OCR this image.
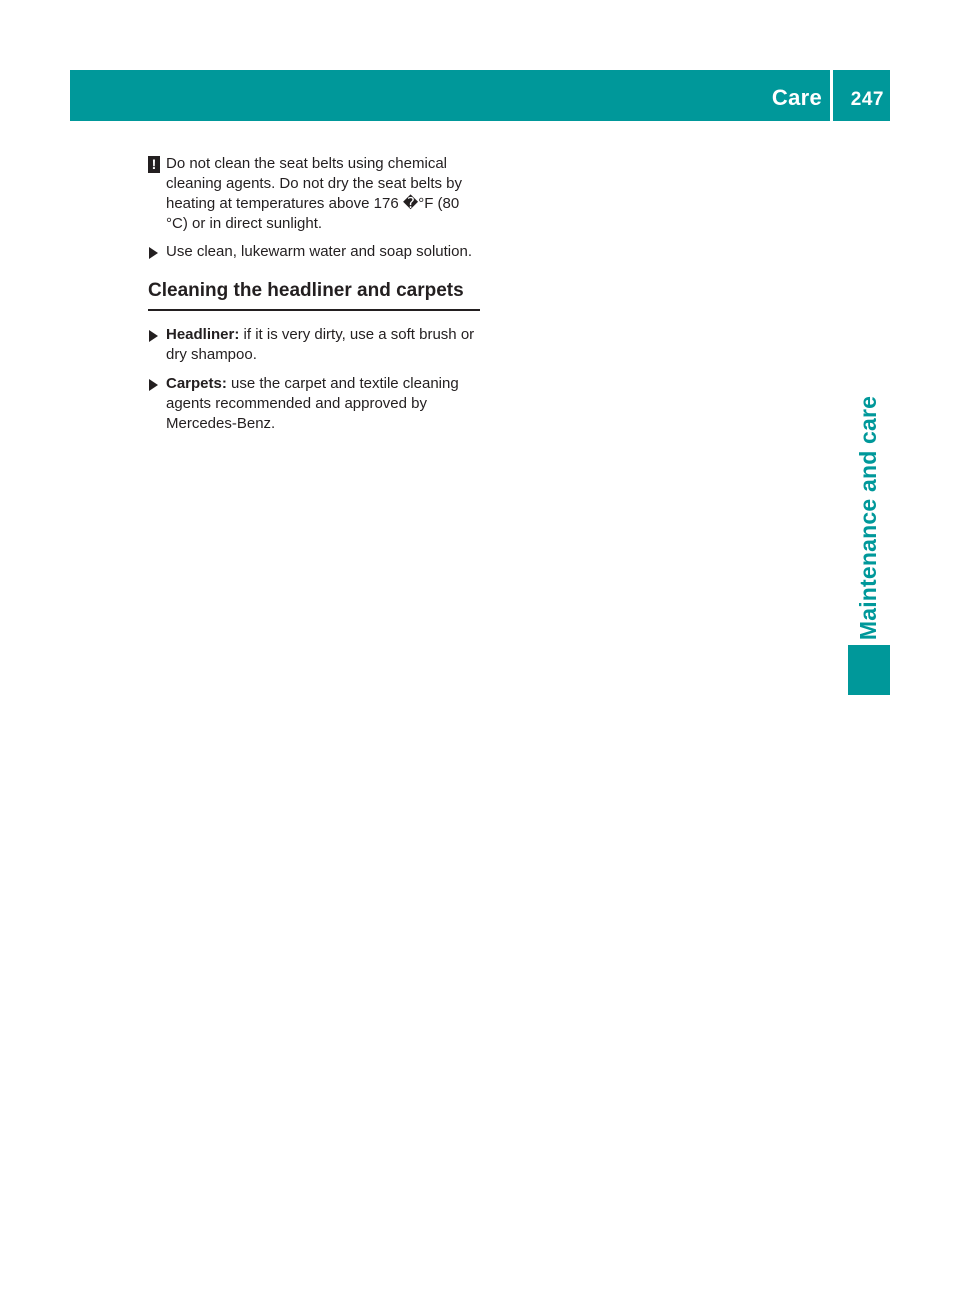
Care 247
Maintenance and care
! Do not clean the seat belts using chemical cleaning agents. Do not dry the seat belts by heating at temperatures above 176 �°F (80 ‌°C) or in direct sunlight.
Use clean, lukewarm water and soap solution.
Cleaning the headliner and carpets
Headliner: if it is very dirty, use a soft brush or dry shampoo.
Carpets: use the carpet and textile cleaning agents recommended and approved by Mercedes-Benz.
